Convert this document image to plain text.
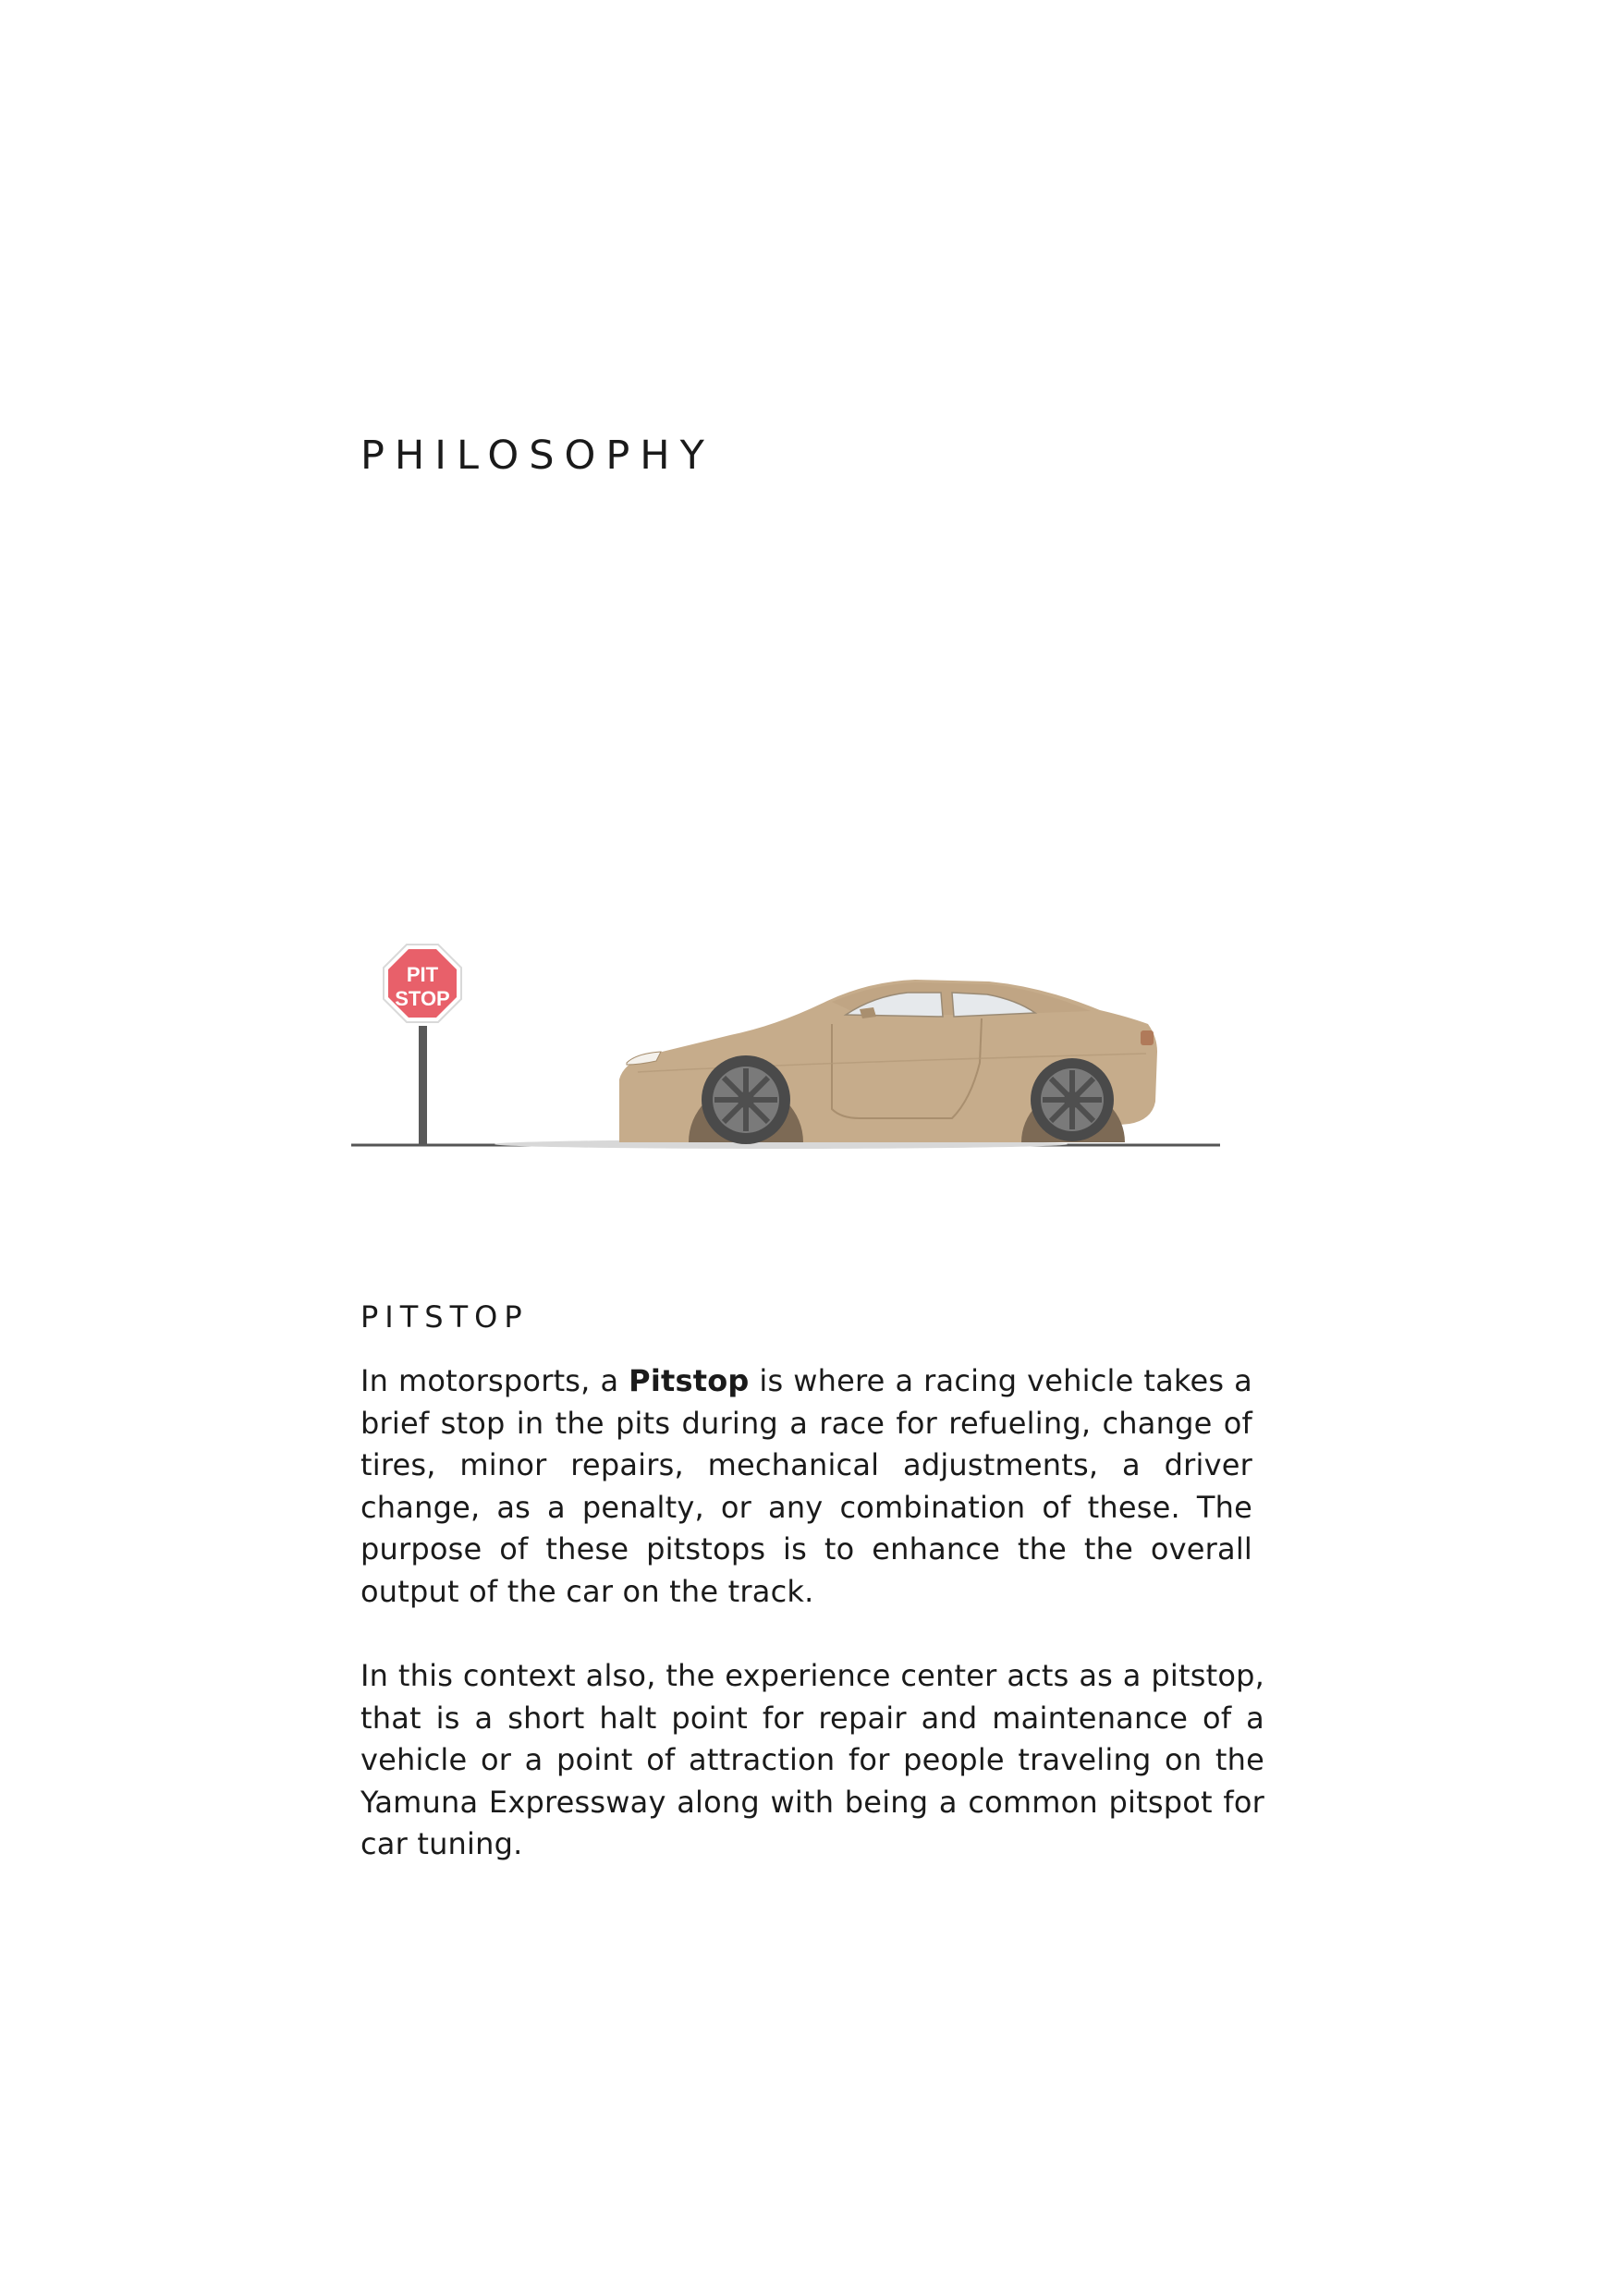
PHILOSOPHY
PIT
STOP
PITSTOP

In motorsports, a Pitstop is where a racing vehicle takes a brief stop in the pits during a race for refueling, change of tires, minor repairs, mechanical adjustments, a driver change, as a penalty, or any combination of these. The purpose of these pitstops is to enhance the the overall output of the car on the track.

In this context also, the experience center acts as a pitstop, that is a short halt point for repair and maintenance of a vehicle or a point of attraction for people traveling on the Yamuna Expressway along with being a common pitspot for car tuning.
